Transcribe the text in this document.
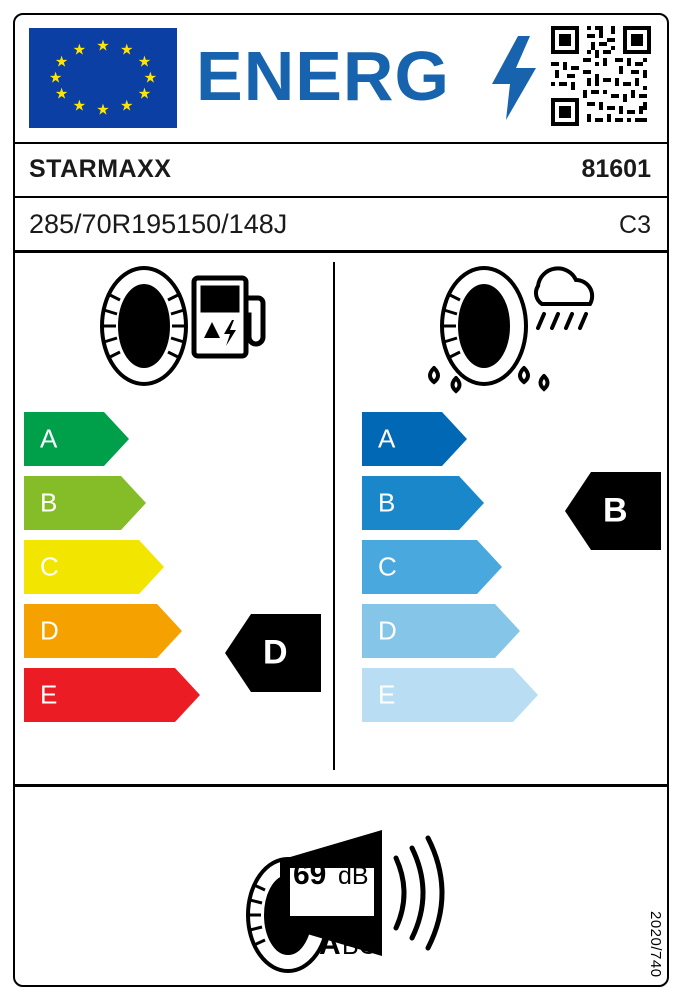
★ ★
★
★
★
★
★
★
★
★
★
★ ENERG
STARMAXX	81601
285/70R195150/148J	C3
A
B
C
D
E
A
B
C
D
E
D
B
69 dB
A BC	2020/740
